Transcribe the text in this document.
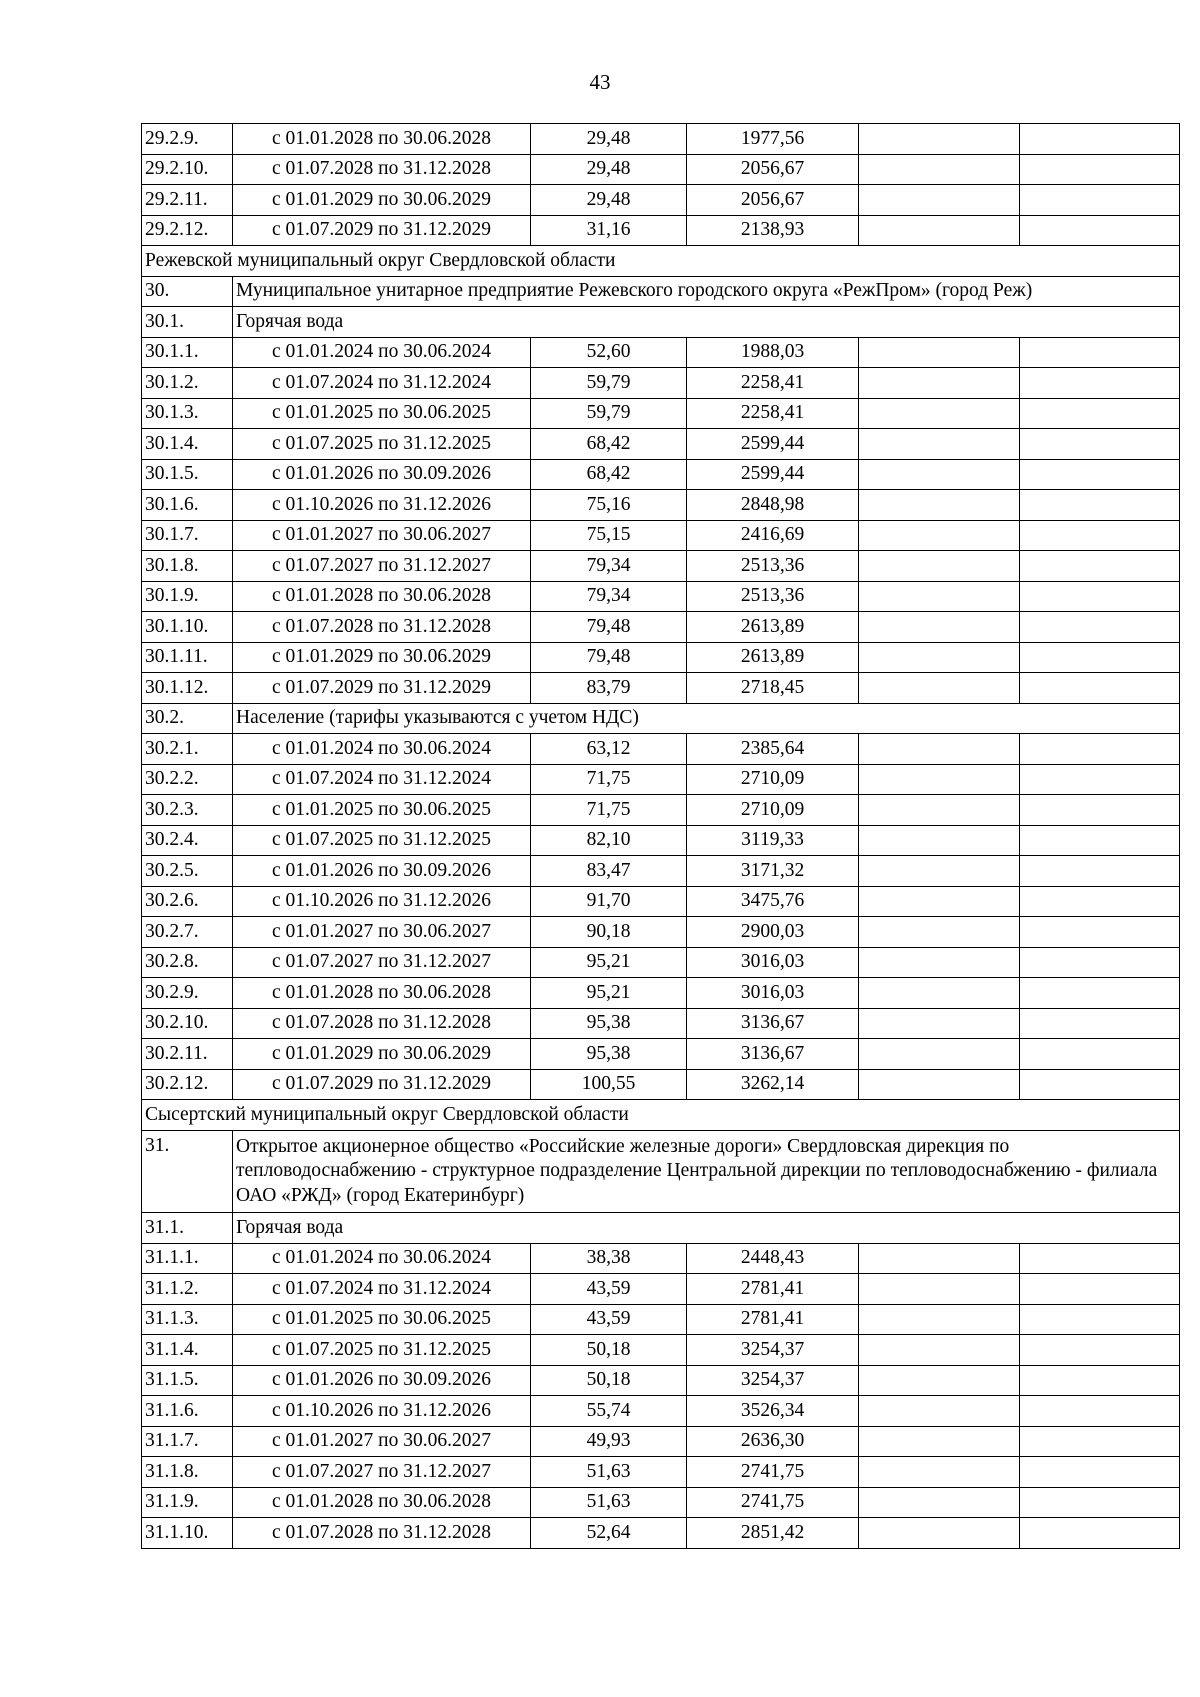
43
29.2.9.	с 01.01.2028 по 30.06.2028	29,48	1977,56		
29.2.10.	с 01.07.2028 по 31.12.2028	29,48	2056,67		
29.2.11.	с 01.01.2029 по 30.06.2029	29,48	2056,67		
29.2.12.	с 01.07.2029 по 31.12.2029	31,16	2138,93		
Режевской муниципальный округ Свердловской области					
30.	Муниципальное унитарное предприятие Режевского городского округа «РежПром» (город Реж)				
30.1.	Горячая вода				
30.1.1.	с 01.01.2024 по 30.06.2024	52,60	1988,03		
30.1.2.	с 01.07.2024 по 31.12.2024	59,79	2258,41		
30.1.3.	с 01.01.2025 по 30.06.2025	59,79	2258,41		
30.1.4.	с 01.07.2025 по 31.12.2025	68,42	2599,44		
30.1.5.	с 01.01.2026 по 30.09.2026	68,42	2599,44		
30.1.6.	с 01.10.2026 по 31.12.2026	75,16	2848,98		
30.1.7.	с 01.01.2027 по 30.06.2027	75,15	2416,69		
30.1.8.	с 01.07.2027 по 31.12.2027	79,34	2513,36		
30.1.9.	с 01.01.2028 по 30.06.2028	79,34	2513,36		
30.1.10.	с 01.07.2028 по 31.12.2028	79,48	2613,89		
30.1.11.	с 01.01.2029 по 30.06.2029	79,48	2613,89		
30.1.12.	с 01.07.2029 по 31.12.2029	83,79	2718,45		
30.2.	Население (тарифы указываются с учетом НДС)				
30.2.1.	с 01.01.2024 по 30.06.2024	63,12	2385,64		
30.2.2.	с 01.07.2024 по 31.12.2024	71,75	2710,09		
30.2.3.	с 01.01.2025 по 30.06.2025	71,75	2710,09		
30.2.4.	с 01.07.2025 по 31.12.2025	82,10	3119,33		
30.2.5.	с 01.01.2026 по 30.09.2026	83,47	3171,32		
30.2.6.	с 01.10.2026 по 31.12.2026	91,70	3475,76		
30.2.7.	с 01.01.2027 по 30.06.2027	90,18	2900,03		
30.2.8.	с 01.07.2027 по 31.12.2027	95,21	3016,03		
30.2.9.	с 01.01.2028 по 30.06.2028	95,21	3016,03		
30.2.10.	с 01.07.2028 по 31.12.2028	95,38	3136,67		
30.2.11.	с 01.01.2029 по 30.06.2029	95,38	3136,67		
30.2.12.	с 01.07.2029 по 31.12.2029	100,55	3262,14		
Сысертский муниципальный округ Свердловской области					
31.	Открытое акционерное общество «Российские железные дороги» Свердловская дирекция по тепловодоснабжению - структурное подразделение Центральной дирекции по тепловодоснабжению - филиала ОАО «РЖД» (город Екатеринбург)				
31.1.	Горячая вода				
31.1.1.	с 01.01.2024 по 30.06.2024	38,38	2448,43		
31.1.2.	с 01.07.2024 по 31.12.2024	43,59	2781,41		
31.1.3.	с 01.01.2025 по 30.06.2025	43,59	2781,41		
31.1.4.	с 01.07.2025 по 31.12.2025	50,18	3254,37		
31.1.5.	с 01.01.2026 по 30.09.2026	50,18	3254,37		
31.1.6.	с 01.10.2026 по 31.12.2026	55,74	3526,34		
31.1.7.	с 01.01.2027 по 30.06.2027	49,93	2636,30		
31.1.8.	с 01.07.2027 по 31.12.2027	51,63	2741,75		
31.1.9.	с 01.01.2028 по 30.06.2028	51,63	2741,75		
31.1.10.	с 01.07.2028 по 31.12.2028	52,64	2851,42		
